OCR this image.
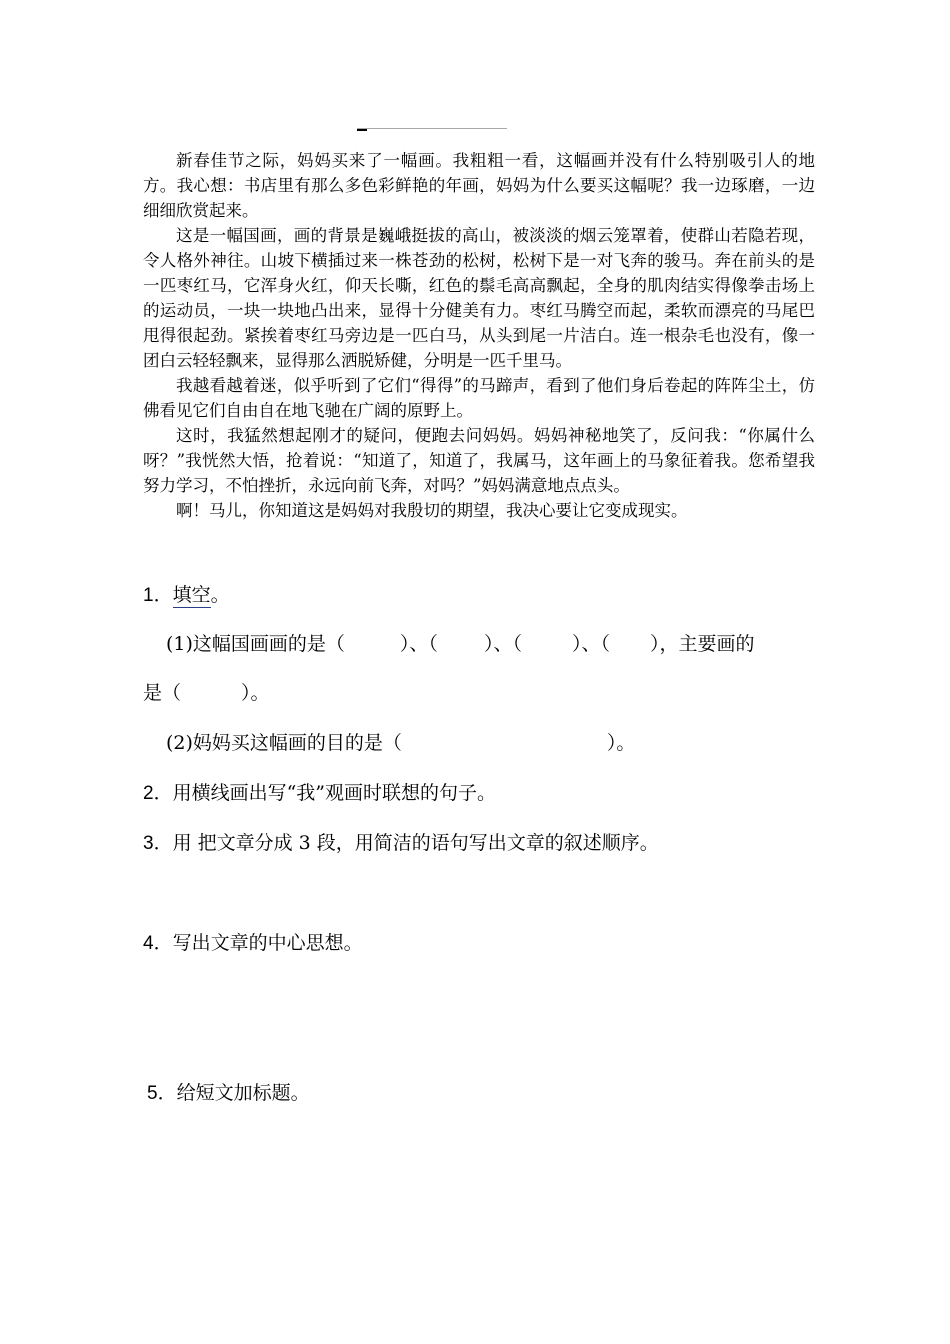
新春佳节之际，妈妈买来了一幅画。我粗粗一看，这幅画并没有什么特别吸引人的地方。我心想：书店里有那么多色彩鲜艳的年画，妈妈为什么要买这幅呢？我一边琢磨，一边细细欣赏起来。

这是一幅国画，画的背景是巍峨挺拔的高山，被淡淡的烟云笼罩着，使群山若隐若现，令人格外神往。山坡下横插过来一株苍劲的松树，松树下是一对飞奔的骏马。奔在前头的是一匹枣红马，它浑身火红，仰天长嘶，红色的鬃毛高高飘起，全身的肌肉结实得像拳击场上的运动员，一块一块地凸出来，显得十分健美有力。枣红马腾空而起，柔软而漂亮的马尾巴甩得很起劲。紧挨着枣红马旁边是一匹白马，从头到尾一片洁白。连一根杂毛也没有，像一团白云轻轻飘来，显得那么洒脱矫健，分明是一匹千里马。

我越看越着迷，似乎听到了它们“得得”的马蹄声，看到了他们身后卷起的阵阵尘土，仿佛看见它们自由自在地飞驰在广阔的原野上。

这时，我猛然想起刚才的疑问，便跑去问妈妈。妈妈神秘地笑了，反问我：“你属什么呀？”我恍然大悟，抢着说：“知道了，知道了，我属马，这年画上的马象征着我。您希望我努力学习，不怕挫折，永远向前飞奔，对吗？”妈妈满意地点点头。

啊！马儿，你知道这是妈妈对我殷切的期望，我决心要让它变成现实。

1．填空。
(1)这幅国画画的是（	）、（ ）、（	）、（ ），主要画的
是（	）。
(2)妈妈买这幅画的目的是（	）。
2．用横线画出写“我”观画时联想的句子。
3．用 把文章分成 3 段，用简洁的语句写出文章的叙述顺序。
4．写出文章的中心思想。
5．给短文加标题。
